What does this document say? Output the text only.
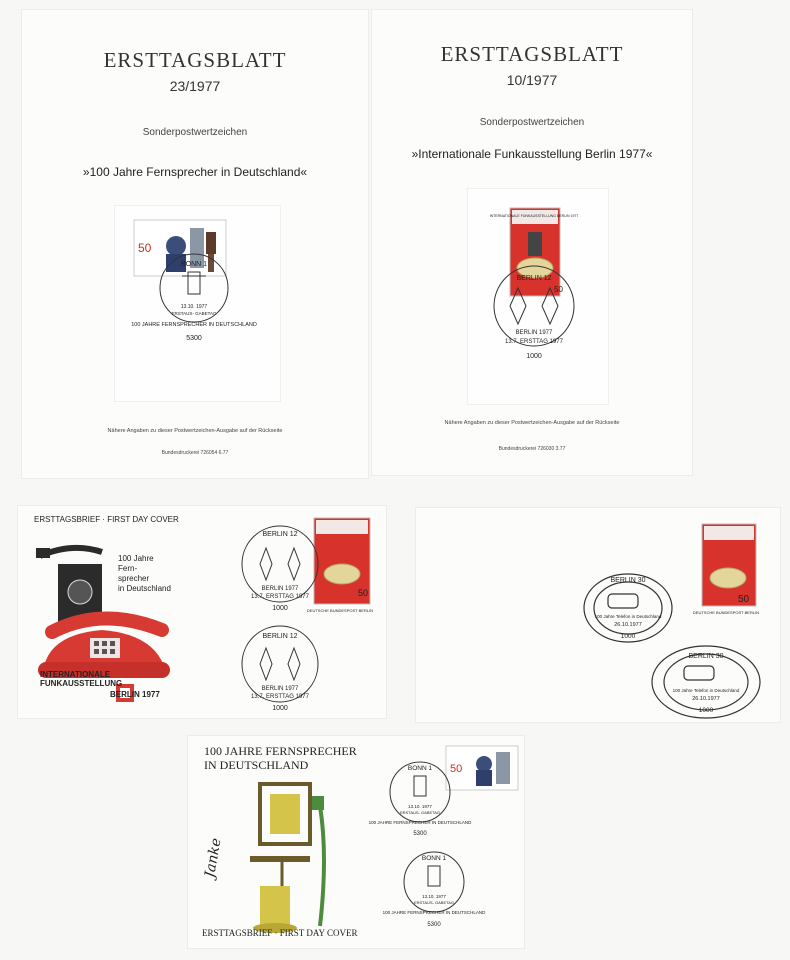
ERSTTAGSBLATT
23/1977
Sonderpostwertzeichen
»100 Jahre Fernsprecher in Deutschland«
50
BONN 1
13.10. 1977
ERSTAUS- GABETAG
100 JAHRE FERNSPRECHER IN DEUTSCHLAND
5300
Nähere Angaben zu dieser Postwertzeichen-Ausgabe auf der Rückseite
Bundesdruckerei 726054 6.77
ERSTTAGSBLATT
10/1977
Sonderpostwertzeichen
»Internationale Funkausstellung Berlin 1977«
INTERNATIONALE FUNKAUSSTELLUNG BERLIN 1977
50
BERLIN 12
BERLIN 1977
13.7. ERSTTAG 1977
1000
Nähere Angaben zu dieser Postwertzeichen-Ausgabe auf der Rückseite
Bundesdruckerei 726030 3.77
ERSTTAGSBRIEF · FIRST DAY COVER
100 Jahre
Fern-
sprecher
in Deutschland
INTERNATIONALE
FUNKAUSSTELLUNG
BERLIN 1977
50
DEUTSCHE BUNDESPOST BERLIN
BERLIN 12
BERLIN 1977
13.7. ERSTTAG 1977
1000
BERLIN 12
BERLIN 1977
13.7. ERSTTAG 1977
1000
50
DEUTSCHE BUNDESPOST BERLIN
BERLIN 30
100 Jahre Telefon in Deutschland
26.10.1977
1000
BERLIN 30
100 Jahre Telefon in Deutschland
26.10.1977
1000
100 JAHRE FERNSPRECHER
IN DEUTSCHLAND
Janke
ERSTTAGSBRIEF · FIRST DAY COVER
50
BONN 1
13.10. 1977
ERSTAUS- GABETAG
100 JAHRE FERNSPRECHER IN DEUTSCHLAND
5300
BONN 1
13.10. 1977
ERSTAUS- GABETAG
100 JAHRE FERNSPRECHER IN DEUTSCHLAND
5300
